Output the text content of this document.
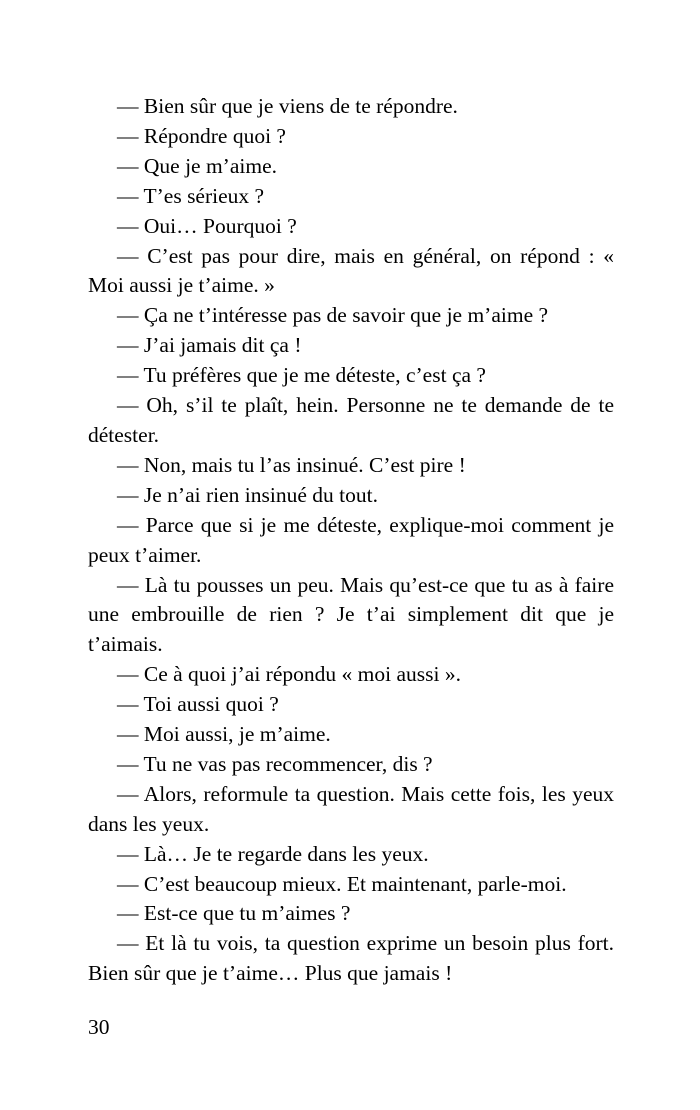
— Bien sûr que je viens de te répondre.

— Répondre quoi ?

— Que je m’aime.

— T’es sérieux ?

— Oui… Pourquoi ?

— C’est pas pour dire, mais en général, on répond : « Moi aussi je t’aime. »

— Ça ne t’intéresse pas de savoir que je m’aime ?

— J’ai jamais dit ça !

— Tu préfères que je me déteste, c’est ça ?

— Oh, s’il te plaît, hein. Personne ne te demande de te détester.

— Non, mais tu l’as insinué. C’est pire !

— Je n’ai rien insinué du tout.

— Parce que si je me déteste, explique-moi comment je peux t’aimer.

— Là tu pousses un peu. Mais qu’est-ce que tu as à faire une embrouille de rien ? Je t’ai simplement dit que je t’aimais.

— Ce à quoi j’ai répondu « moi aussi ».

— Toi aussi quoi ?

— Moi aussi, je m’aime.

— Tu ne vas pas recommencer, dis ?

— Alors, reformule ta question. Mais cette fois, les yeux dans les yeux.

— Là… Je te regarde dans les yeux.

— C’est beaucoup mieux. Et maintenant, parle-moi.

— Est-ce que tu m’aimes ?

— Et là tu vois, ta question exprime un besoin plus fort. Bien sûr que je t’aime… Plus que jamais !

30
